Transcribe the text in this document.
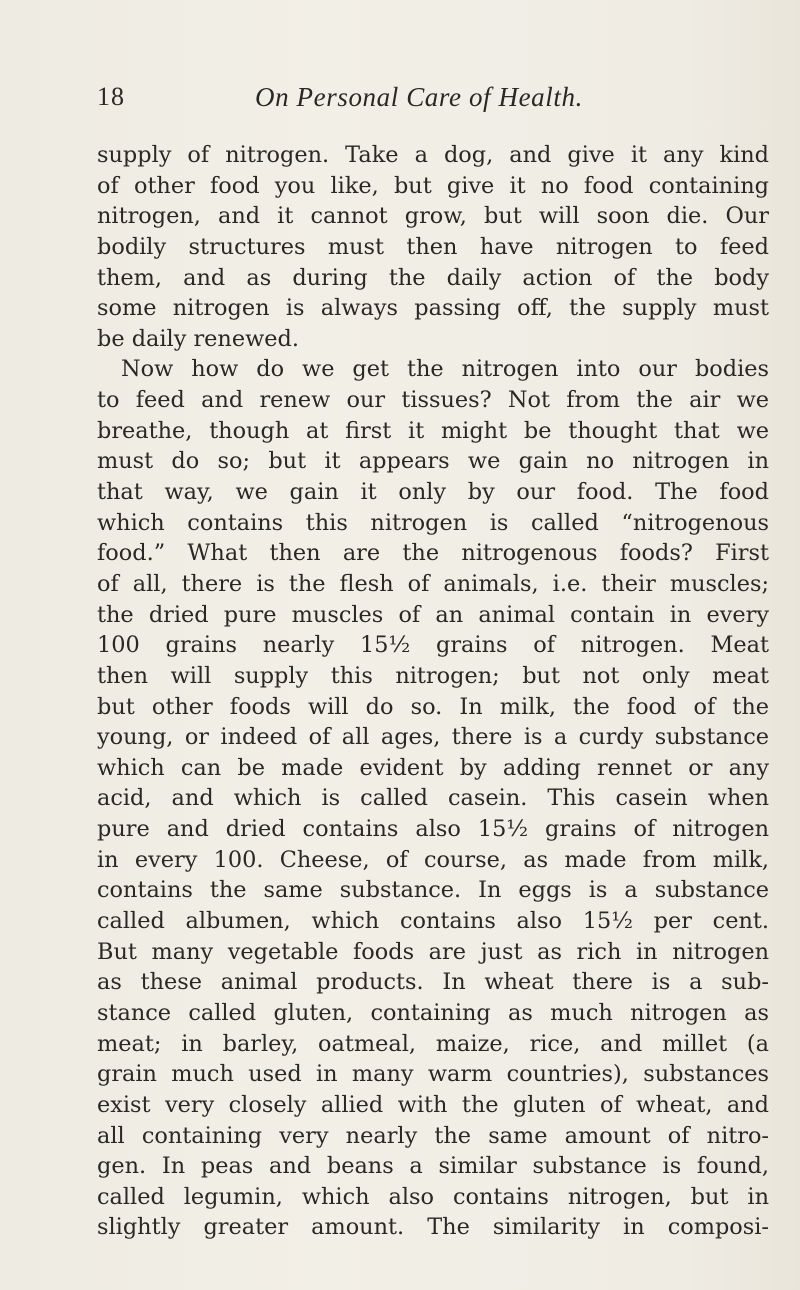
18	On Personal Care of Health.
supply of nitrogen. Take a dog, and give it any kind
of other food you like, but give it no food containing
nitrogen, and it cannot grow, but will soon die. Our
bodily structures must then have nitrogen to feed
them, and as during the daily action of the body
some nitrogen is always passing off, the supply must
be daily renewed.
Now how do we get the nitrogen into our bodies
to feed and renew our tissues? Not from the air we
breathe, though at first it might be thought that we
must do so; but it appears we gain no nitrogen in
that way, we gain it only by our food. The food
which contains this nitrogen is called “nitrogenous
food.” What then are the nitrogenous foods? First
of all, there is the flesh of animals, i.e. their muscles;
the dried pure muscles of an animal contain in every
100 grains nearly 15½ grains of nitrogen. Meat
then will supply this nitrogen; but not only meat
but other foods will do so. In milk, the food of the
young, or indeed of all ages, there is a curdy substance
which can be made evident by adding rennet or any
acid, and which is called casein. This casein when
pure and dried contains also 15½ grains of nitrogen
in every 100. Cheese, of course, as made from milk,
contains the same substance. In eggs is a substance
called albumen, which contains also 15½ per cent.
But many vegetable foods are just as rich in nitrogen
as these animal products. In wheat there is a sub-
stance called gluten, containing as much nitrogen as
meat; in barley, oatmeal, maize, rice, and millet (a
grain much used in many warm countries), substances
exist very closely allied with the gluten of wheat, and
all containing very nearly the same amount of nitro-
gen. In peas and beans a similar substance is found,
called legumin, which also contains nitrogen, but in
slightly greater amount. The similarity in composi-
